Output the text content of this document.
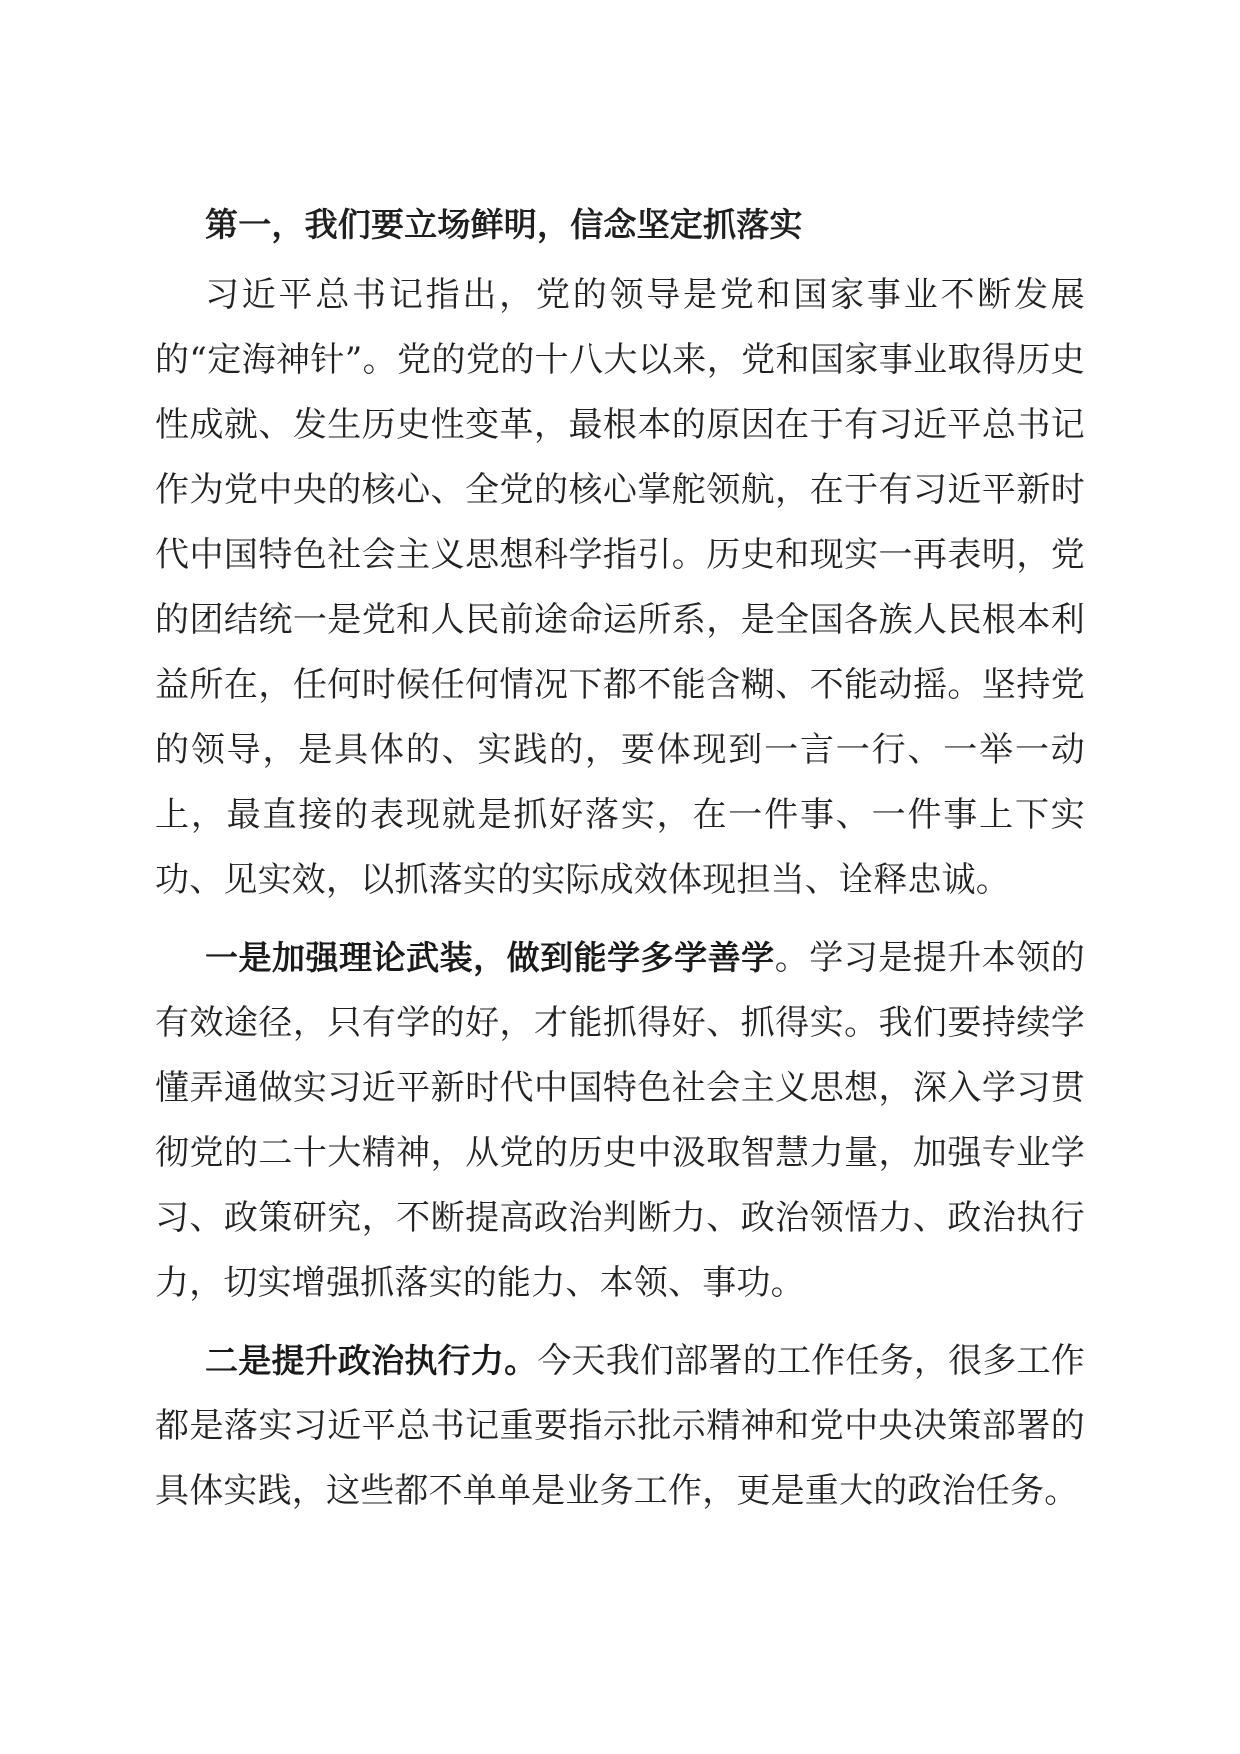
第一，我们要立场鲜明，信念坚定抓落实

习近平总书记指出，党的领导是党和国家事业不断发展的“定海神针”。党的党的十八大以来，党和国家事业取得历史性成就、发生历史性变革，最根本的原因在于有习近平总书记作为党中央的核心、全党的核心掌舵领航，在于有习近平新时代中国特色社会主义思想科学指引。历史和现实一再表明，党的团结统一是党和人民前途命运所系，是全国各族人民根本利益所在，任何时候任何情况下都不能含糊、不能动摇。坚持党的领导，是具体的、实践的，要体现到一言一行、一举一动上，最直接的表现就是抓好落实，在一件事、一件事上下实功、见实效，以抓落实的实际成效体现担当、诠释忠诚。

一是加强理论武装，做到能学多学善学。学习是提升本领的有效途径，只有学的好，才能抓得好、抓得实。我们要持续学懂弄通做实习近平新时代中国特色社会主义思想，深入学习贯彻党的二十大精神，从党的历史中汲取智慧力量，加强专业学习、政策研究，不断提高政治判断力、政治领悟力、政治执行力，切实增强抓落实的能力、本领、事功。

二是提升政治执行力。今天我们部署的工作任务，很多工作都是落实习近平总书记重要指示批示精神和党中央决策部署的具体实践，这些都不单单是业务工作，更是重大的政治任务。
